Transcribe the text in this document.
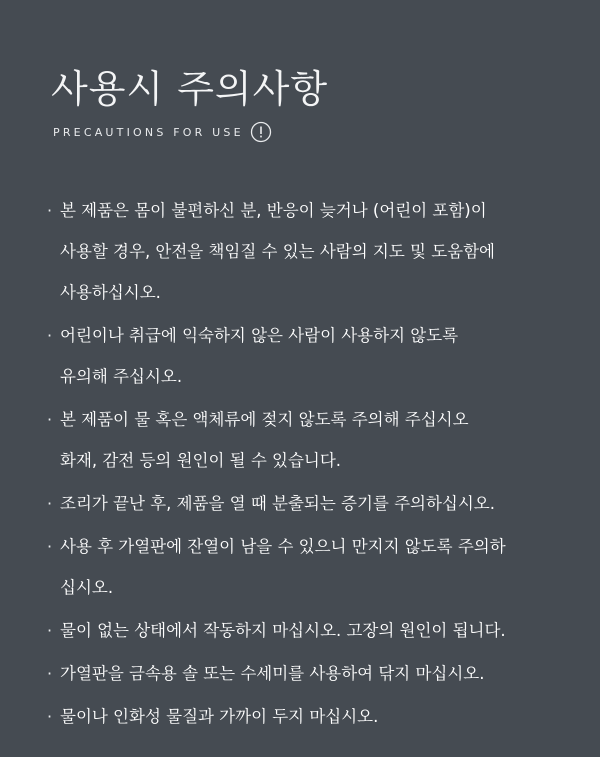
사용시 주의사항
PRECAUTIONS FOR USE
· 본 제품은 몸이 불편하신 분, 반응이 늦거나 (어린이 포함)이
사용할 경우, 안전을 책임질 수 있는 사람의 지도 및 도움함에
사용하십시오.
· 어린이나 취급에 익숙하지 않은 사람이 사용하지 않도록
유의해 주십시오.
· 본 제품이 물 혹은 액체류에 젖지 않도록 주의해 주십시오
화재, 감전 등의 원인이 될 수 있습니다.
· 조리가 끝난 후, 제품을 열 때 분출되는 증기를 주의하십시오.
· 사용 후 가열판에 잔열이 남을 수 있으니 만지지 않도록 주의하
십시오.
· 물이 없는 상태에서 작동하지 마십시오. 고장의 원인이 됩니다.
· 가열판을 금속용 솔 또는 수세미를 사용하여 닦지 마십시오.
· 물이나 인화성 물질과 가까이 두지 마십시오.
